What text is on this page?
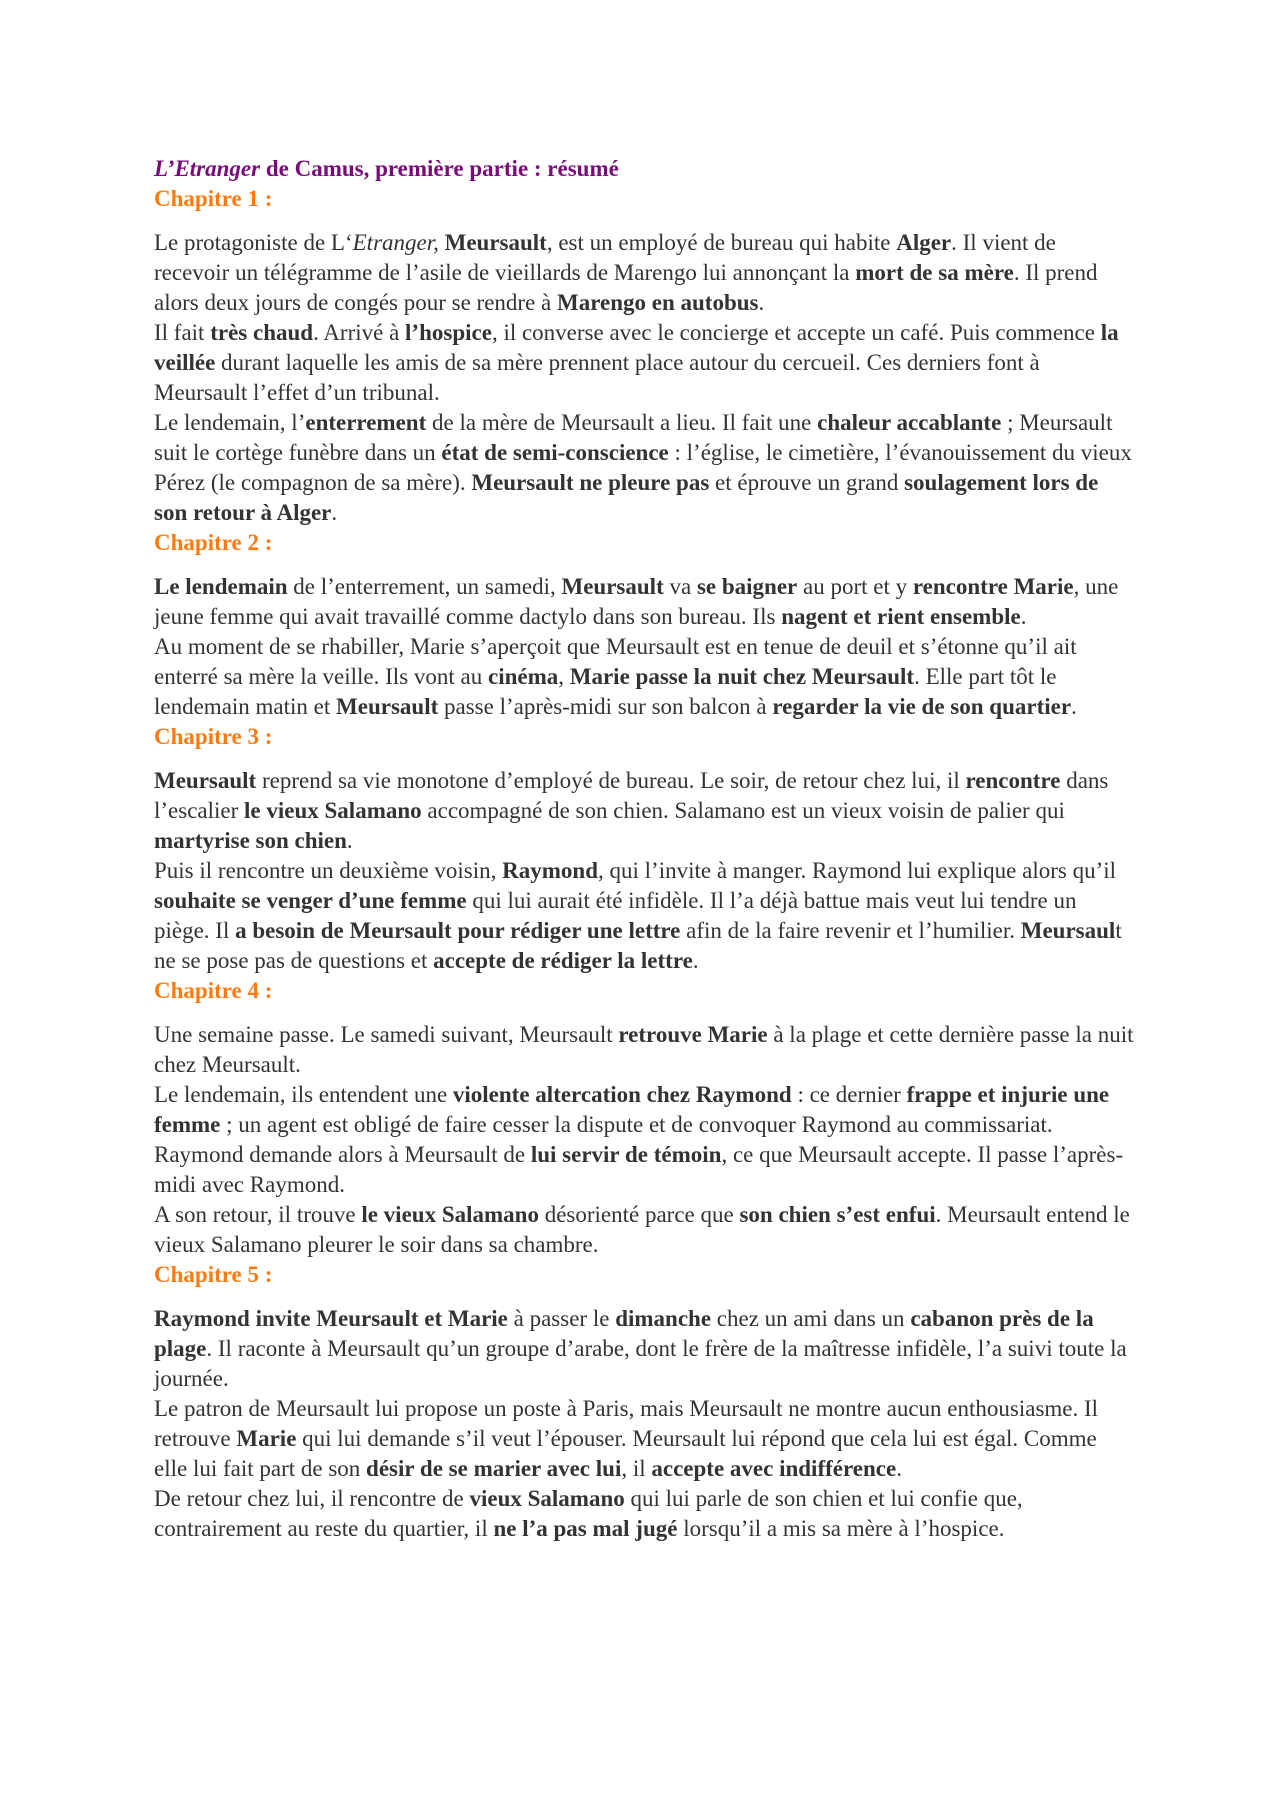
L’Etranger de Camus, première partie : résumé

Chapitre 1 :

Le protagoniste de L‘Etranger, Meursault, est un employé de bureau qui habite Alger. Il vient de recevoir un télégramme de l’asile de vieillards de Marengo lui annonçant la mort de sa mère. Il prend alors deux jours de congés pour se rendre à Marengo en autobus.

Il fait très chaud. Arrivé à l’hospice, il converse avec le concierge et accepte un café. Puis commence la veillée durant laquelle les amis de sa mère prennent place autour du cercueil. Ces derniers font à Meursault l’effet d’un tribunal.

Le lendemain, l’enterrement de la mère de Meursault a lieu. Il fait une chaleur accablante ; Meursault suit le cortège funèbre dans un état de semi-conscience : l’église, le cimetière, l’évanouissement du vieux Pérez (le compagnon de sa mère). Meursault ne pleure pas et éprouve un grand soulagement lors de son retour à Alger.

Chapitre 2 :

Le lendemain de l’enterrement, un samedi, Meursault va se baigner au port et y rencontre Marie, une jeune femme qui avait travaillé comme dactylo dans son bureau. Ils nagent et rient ensemble.

Au moment de se rhabiller, Marie s’aperçoit que Meursault est en tenue de deuil et s’étonne qu’il ait enterré sa mère la veille. Ils vont au cinéma, Marie passe la nuit chez Meursault. Elle part tôt le lendemain matin et Meursault passe l’après-midi sur son balcon à regarder la vie de son quartier.

Chapitre 3 :

Meursault reprend sa vie monotone d’employé de bureau. Le soir, de retour chez lui, il rencontre dans l’escalier le vieux Salamano accompagné de son chien. Salamano est un vieux voisin de palier qui martyrise son chien.

Puis il rencontre un deuxième voisin, Raymond, qui l’invite à manger. Raymond lui explique alors qu’il souhaite se venger d’une femme qui lui aurait été infidèle. Il l’a déjà battue mais veut lui tendre un piège. Il a besoin de Meursault pour rédiger une lettre afin de la faire revenir et l’humilier. Meursault ne se pose pas de questions et accepte de rédiger la lettre.

Chapitre 4 :

Une semaine passe. Le samedi suivant, Meursault retrouve Marie à la plage et cette dernière passe la nuit chez Meursault.

Le lendemain, ils entendent une violente altercation chez Raymond : ce dernier frappe et injurie une femme ; un agent est obligé de faire cesser la dispute et de convoquer Raymond au commissariat. Raymond demande alors à Meursault de lui servir de témoin, ce que Meursault accepte. Il passe l’après-midi avec Raymond.

A son retour, il trouve le vieux Salamano désorienté parce que son chien s’est enfui. Meursault entend le vieux Salamano pleurer le soir dans sa chambre.

Chapitre 5 :

Raymond invite Meursault et Marie à passer le dimanche chez un ami dans un cabanon près de la plage. Il raconte à Meursault qu’un groupe d’arabe, dont le frère de la maîtresse infidèle, l’a suivi toute la journée.

Le patron de Meursault lui propose un poste à Paris, mais Meursault ne montre aucun enthousiasme. Il retrouve Marie qui lui demande s’il veut l’épouser. Meursault lui répond que cela lui est égal. Comme elle lui fait part de son désir de se marier avec lui, il accepte avec indifférence.

De retour chez lui, il rencontre de vieux Salamano qui lui parle de son chien et lui confie que, contrairement au reste du quartier, il ne l’a pas mal jugé lorsqu’il a mis sa mère à l’hospice.
